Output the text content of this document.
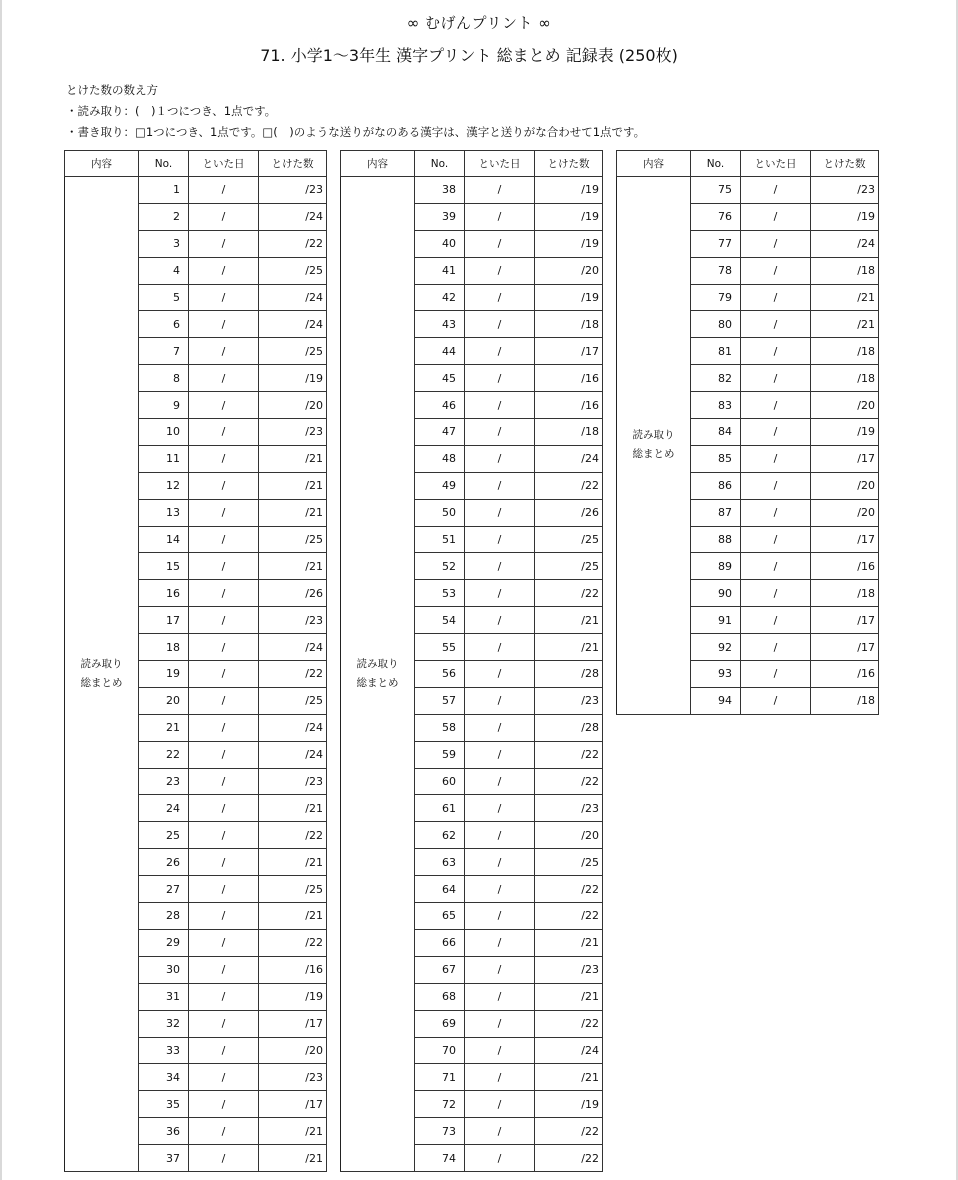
∞ むげんプリント ∞
71. 小学1～3年生 漢字プリント 総まとめ 記録表 (250枚)
とけた数の数え方
・読み取り：(　)１つにつき、1点です。
・書き取り：□1つにつき、1点です。□(　)のような送りがなのある漢字は、漢字と送りがな合わせて1点です。
内容	No.	といた日	とけた数

読み取り
総まとめ	1	/	/23
	2	/	/24
	3	/	/22
	4	/	/25
	5	/	/24
	6	/	/24
	7	/	/25
	8	/	/19
	9	/	/20
	10	/	/23
	11	/	/21
	12	/	/21
	13	/	/21
	14	/	/25
	15	/	/21
	16	/	/26
	17	/	/23
	18	/	/24
	19	/	/22
	20	/	/25
	21	/	/24
	22	/	/24
	23	/	/23
	24	/	/21
	25	/	/22
	26	/	/21
	27	/	/25
	28	/	/21
	29	/	/22
	30	/	/16
	31	/	/19
	32	/	/17
	33	/	/20
	34	/	/23
	35	/	/17
	36	/	/21
	37	/	/21
内容	No.	といた日	とけた数

読み取り
総まとめ	38	/	/19
	39	/	/19
	40	/	/19
	41	/	/20
	42	/	/19
	43	/	/18
	44	/	/17
	45	/	/16
	46	/	/16
	47	/	/18
	48	/	/24
	49	/	/22
	50	/	/26
	51	/	/25
	52	/	/25
	53	/	/22
	54	/	/21
	55	/	/21
	56	/	/28
	57	/	/23
	58	/	/28
	59	/	/22
	60	/	/22
	61	/	/23
	62	/	/20
	63	/	/25
	64	/	/22
	65	/	/22
	66	/	/21
	67	/	/23
	68	/	/21
	69	/	/22
	70	/	/24
	71	/	/21
	72	/	/19
	73	/	/22
	74	/	/22
内容	No.	といた日	とけた数

読み取り
総まとめ	75	/	/23
	76	/	/19
	77	/	/24
	78	/	/18
	79	/	/21
	80	/	/21
	81	/	/18
	82	/	/18
	83	/	/20
	84	/	/19
	85	/	/17
	86	/	/20
	87	/	/20
	88	/	/17
	89	/	/16
	90	/	/18
	91	/	/17
	92	/	/17
	93	/	/16
	94	/	/18
